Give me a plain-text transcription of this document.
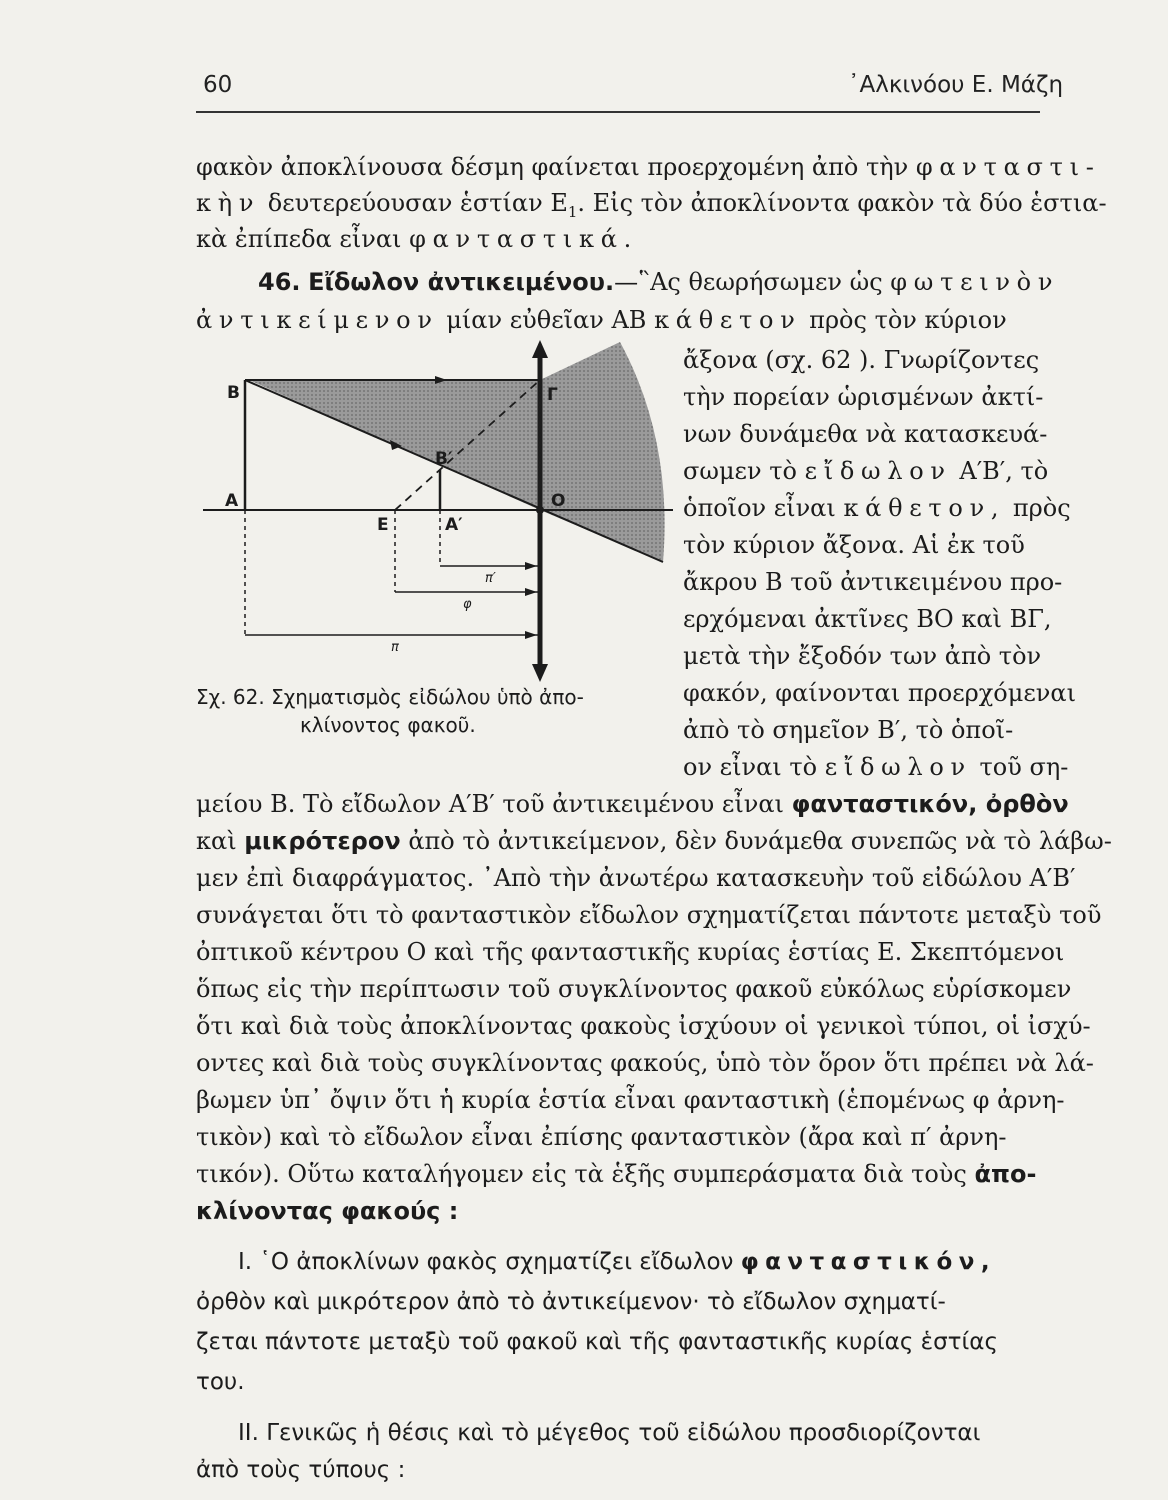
60	᾿Αλκινόου Ε. Μάζη
φακὸν ἀποκλίνουσα δέσμη φαίνεται προερχομένη ἀπὸ τὴν φανταστι-
κὴν δευτερεύουσαν ἑστίαν $E_1$. Εἰς τὸν ἀποκλίνοντα φακὸν τὰ δύο ἑστια-
κὰ ἐπίπεδα εἶναι φανταστικά.
46. Εἴδωλον ἀντικειμένου.—῝Ας θεωρήσωμεν ὡς φωτεινὸν
ἀντικείμενον μίαν εὐθεῖαν ΑΒ κάθετον πρὸς τὸν κύριον
Β
Α
Γ
Ο
Ε
Β′
Α′
π′
φ
π
Σχ. 62. Σχηματισμὸς εἰδώλου ὑπὸ ἀπο-
κλίνοντος φακοῦ.
ἄξονα (σχ. 62 ). Γνωρίζοντες
τὴν πορείαν ὡρισμένων ἀκτί-
νων δυνάμεθα νὰ κατασκευά-
σωμεν τὸ εἴδωλον Α′Β′, τὸ
ὁποῖον εἶναι κάθετον, πρὸς
τὸν κύριον ἄξονα. Αἱ ἐκ τοῦ
ἄκρου Β τοῦ ἀντικειμένου προ-
ερχόμεναι ἀκτῖνες ΒΟ καὶ ΒΓ,
μετὰ τὴν ἔξοδόν των ἀπὸ τὸν
φακόν, φαίνονται προερχόμεναι
ἀπὸ τὸ σημεῖον Β′, τὸ ὁποῖ-
ον εἶναι τὸ εἴδωλον τοῦ ση-
μείου Β. Τὸ εἴδωλον Α′Β′ τοῦ ἀντικειμένου εἶναι φανταστικόν, ὀρθὸν
καὶ μικρότερον ἀπὸ τὸ ἀντικείμενον, δὲν δυνάμεθα συνεπῶς νὰ τὸ λάβω-
μεν ἐπὶ διαφράγματος. ᾿Απὸ τὴν ἀνωτέρω κατασκευὴν τοῦ εἰδώλου Α′Β′
συνάγεται ὅτι τὸ φανταστικὸν εἴδωλον σχηματίζεται πάντοτε μεταξὺ τοῦ
ὀπτικοῦ κέντρου Ο καὶ τῆς φανταστικῆς κυρίας ἑστίας Ε. Σκεπτόμενοι
ὅπως εἰς τὴν περίπτωσιν τοῦ συγκλίνοντος φακοῦ εὐκόλως εὑρίσκομεν
ὅτι καὶ διὰ τοὺς ἀποκλίνοντας φακοὺς ἰσχύουν οἱ γενικοὶ τύποι, οἱ ἰσχύ-
οντες καὶ διὰ τοὺς συγκλίνοντας φακούς, ὑπὸ τὸν ὅρον ὅτι πρέπει νὰ λά-
βωμεν ὑπ᾿ ὄψιν ὅτι ἡ κυρία ἑστία εἶναι φανταστικὴ (ἑπομένως φ ἀρνη-
τικὸν) καὶ τὸ εἴδωλον εἶναι ἐπίσης φανταστικὸν (ἄρα καὶ π′ ἀρνη-
τικόν). Οὕτω καταλήγομεν εἰς τὰ ἑξῆς συμπεράσματα διὰ τοὺς ἀπο-
κλίνοντας φακούς :
I. ῾Ο ἀποκλίνων φακὸς σχηματίζει εἴδωλον φανταστικόν,
ὀρθὸν καὶ μικρότερον ἀπὸ τὸ ἀντικείμενον· τὸ εἴδωλον σχηματί-
ζεται πάντοτε μεταξὺ τοῦ φακοῦ καὶ τῆς φανταστικῆς κυρίας ἑστίας
του.
II. Γενικῶς ἡ θέσις καὶ τὸ μέγεθος τοῦ εἰδώλου προσδιορίζονται
ἀπὸ τοὺς τύπους :
